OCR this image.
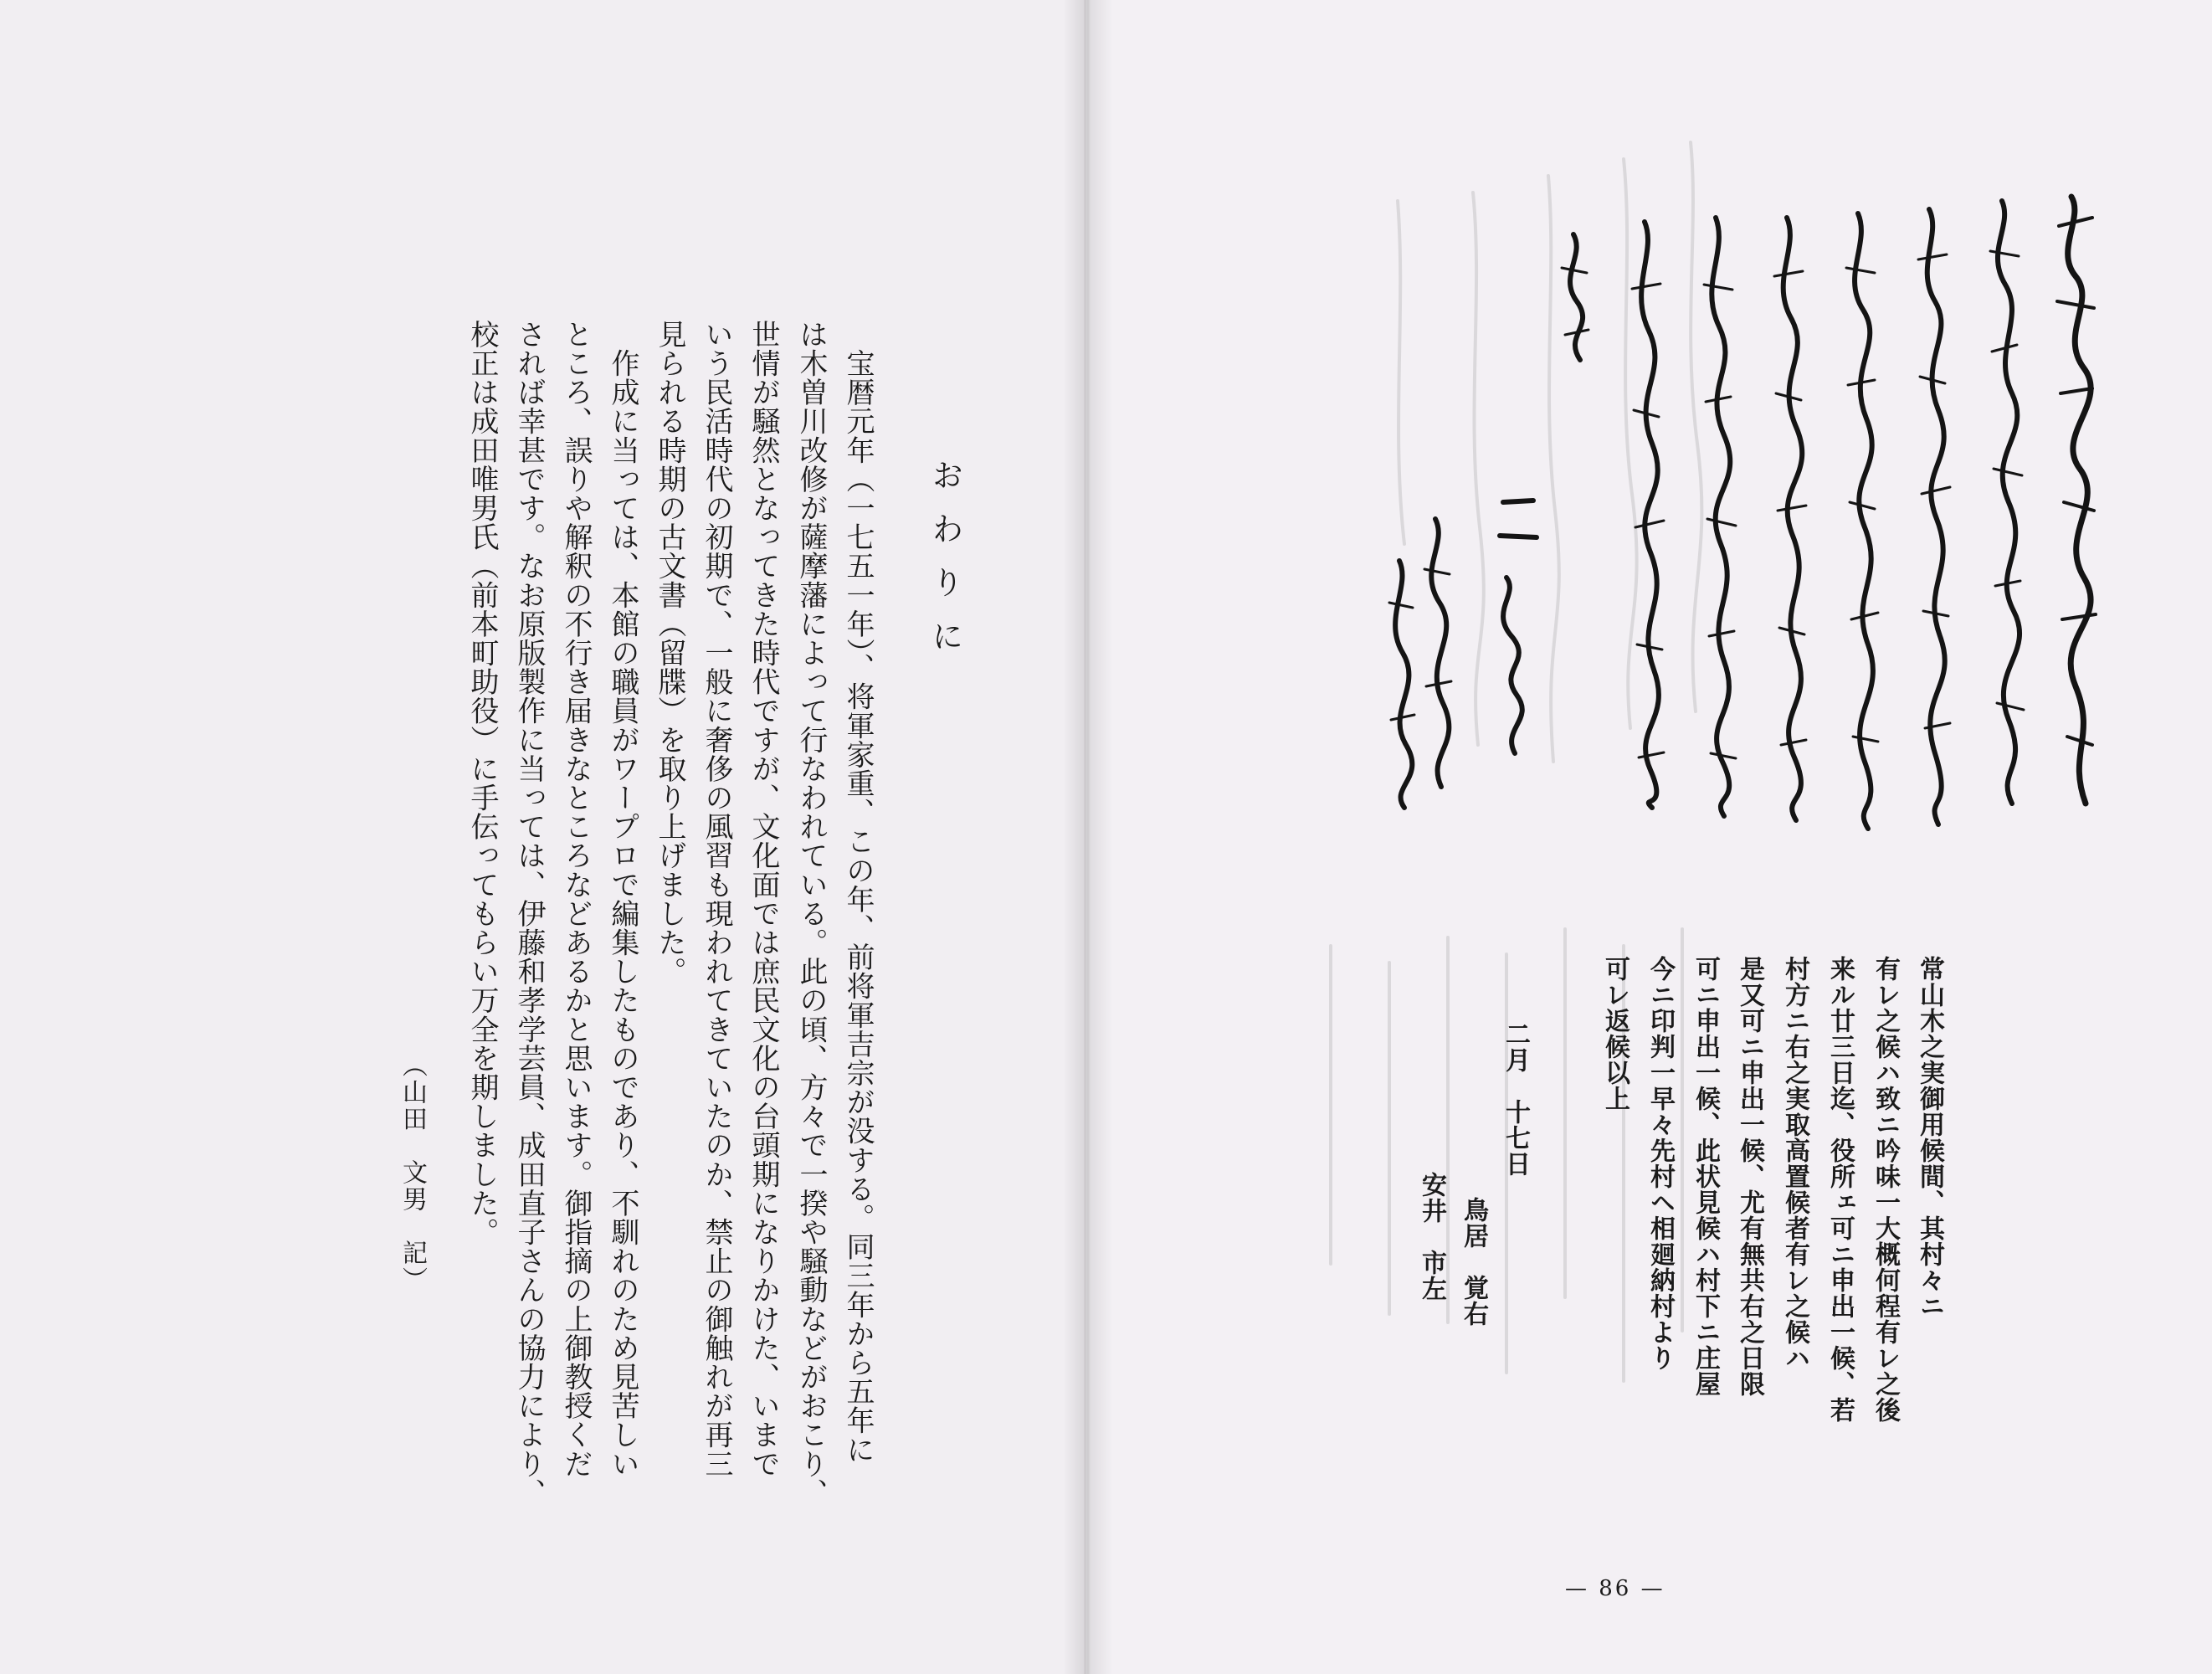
おわりに
　宝暦元年（一七五一年）、将軍家重、この年、前将軍吉宗が没する。同三年から五年に
は木曽川改修が薩摩藩によって行なわれている。此の頃、方々で一揆や騒動などがおこり、
世情が騒然となってきた時代ですが、文化面では庶民文化の台頭期になりかけた、いまで
いう民活時代の初期で、一般に奢侈の風習も現われてきていたのか、禁止の御触れが再三
見られる時期の古文書（留牒）を取り上げました。
　作成に当っては、本館の職員がワープロで編集したものであり、不馴れのため見苦しい
ところ、誤りや解釈の不行き届きなところなどあるかと思います。御指摘の上御教授くだ
されば幸甚です。なお原版製作に当っては、伊藤和孝学芸員、成田直子さんの協力により、
校正は成田唯男氏（前本町助役）に手伝ってもらい万全を期しました。
（山田　文男　記）	常山木之実御用候間、其村々ニ
有レ之候ハ致ニ吟味一大概何程有レ之後
来ル廿三日迄、役所ェ可ニ申出一候、若
村方ニ右之実取高置候者有レ之候ハ
是又可ニ申出一候、尤有無共右之日限
可ニ申出一候、此状見候ハ村下ニ庄屋
今ニ印判一早々先村ヘ相廻納村より
可レ返候以上
二月　十七日
鳥居　覚右
安井　市左
— 86 —
